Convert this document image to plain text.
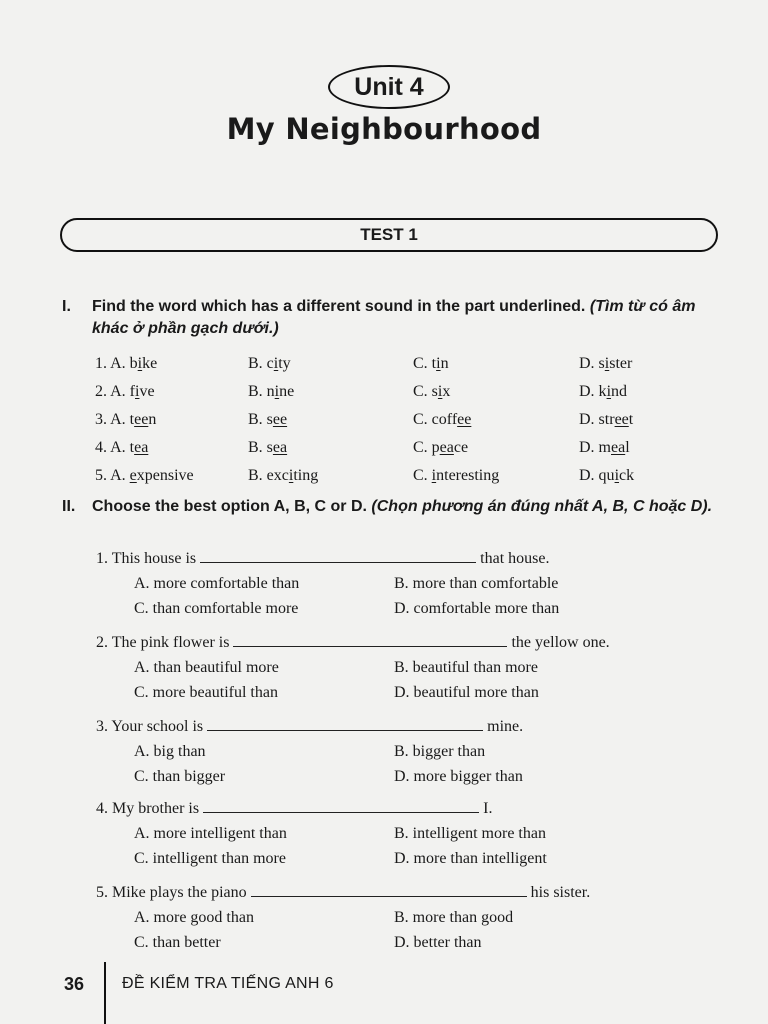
Unit 4
My Neighbourhood
TEST 1
I. Find the word which has a different sound in the part underlined. (Tìm từ có âm khác ở phần gạch dưới.)
1. A. bike	B. city	C. tin	D. sister
2. A. five	B. nine	C. six	D. kind
3. A. teen	B. see	C. coffee	D. street
4. A. tea	B. sea	C. peace	D. meal
5. A. expensive	B. exciting	C. interesting	D. quick
II. Choose the best option A, B, C or D. (Chọn phương án đúng nhất A, B, C hoặc D).
1. This house is	that house.
A. more comfortable than	B. more than comfortable
C. than comfortable more	D. comfortable more than
2. The pink flower is	the yellow one.
A. than beautiful more	B. beautiful than more
C. more beautiful than	D. beautiful more than
3. Your school is	mine.
A. big than	B. bigger than
C. than bigger	D. more bigger than
4. My brother is	I.
A. more intelligent than	B. intelligent more than
C. intelligent than more	D. more than intelligent
5. Mike plays the piano	his sister.
A. more good than	B. more than good
C. than better	D. better than
36 ĐỀ KIỂM TRA TIẾNG ANH 6
